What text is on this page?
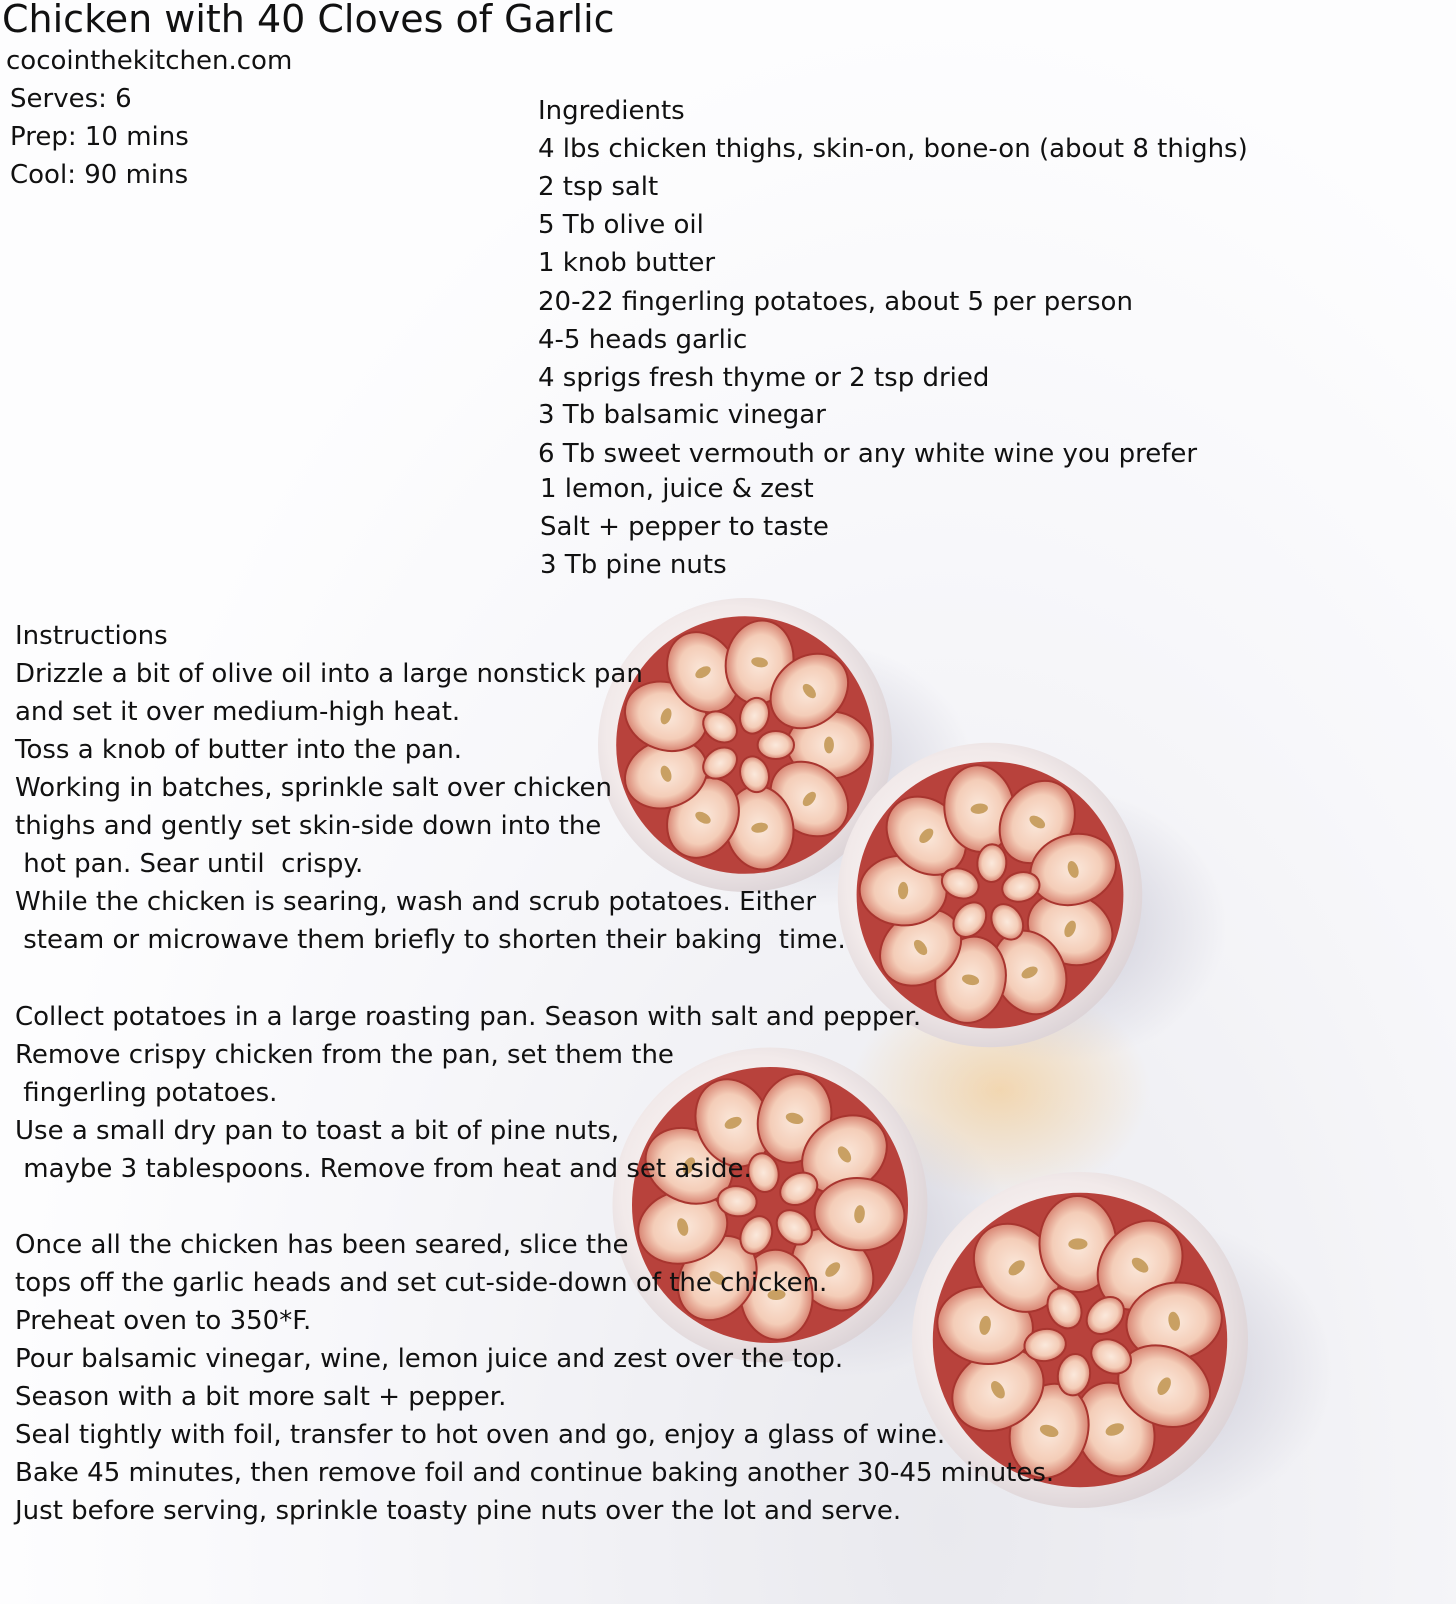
Chicken with 40 Cloves of Garlic
cocointhekitchen.com
Serves: 6
Prep: 10 mins
Cool: 90 mins
Ingredients
4 lbs chicken thighs, skin-on, bone-on (about 8 thighs)
2 tsp salt
5 Tb olive oil
1 knob butter
20-22 fingerling potatoes, about 5 per person
4-5 heads garlic
4 sprigs fresh thyme or 2 tsp dried
3 Tb balsamic vinegar
6 Tb sweet vermouth or any white wine you prefer
1 lemon, juice & zest
Salt + pepper to taste
3 Tb pine nuts
Instructions
Drizzle a bit of olive oil into a large nonstick pan
and set it over medium-high heat.
Toss a knob of butter into the pan.
Working in batches, sprinkle salt over chicken
thighs and gently set skin-side down into the
hot pan. Sear until  crispy.
While the chicken is searing, wash and scrub potatoes. Either
steam or microwave them briefly to shorten their baking  time.
Collect potatoes in a large roasting pan. Season with salt and pepper.
Remove crispy chicken from the pan, set them the
fingerling potatoes.
Use a small dry pan to toast a bit of pine nuts,
maybe 3 tablespoons. Remove from heat and set aside.
Once all the chicken has been seared, slice the
tops off the garlic heads and set cut-side-down of the chicken.
Preheat oven to 350*F.
Pour balsamic vinegar, wine, lemon juice and zest over the top.
Season with a bit more salt + pepper.
Seal tightly with foil, transfer to hot oven and go, enjoy a glass of wine.
Bake 45 minutes, then remove foil and continue baking another 30-45 minutes.
Just before serving, sprinkle toasty pine nuts over the lot and serve.
